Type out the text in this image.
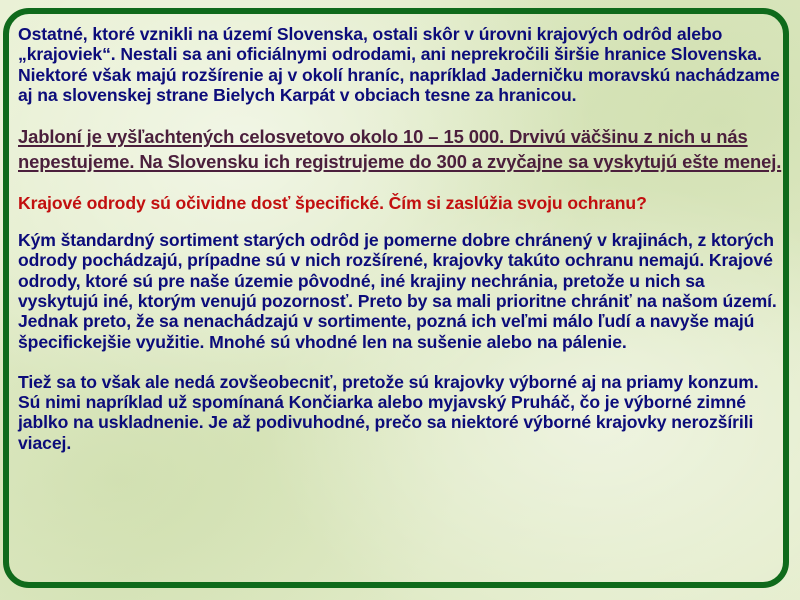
Ostatné, ktoré vznikli na území Slovenska, ostali skôr v úrovni krajových odrôd alebo „krajoviek“. Nestali sa ani oficiálnymi odrodami, ani neprekročili širšie hranice Slovenska. Niektoré však majú rozšírenie aj v okolí hraníc, napríklad Jaderničku moravskú nachádzame aj na slovenskej strane Bielych Karpát v obciach tesne za hranicou.

Jabloní je vyšľachtených celosvetovo okolo 10 – 15 000. Drvivú väčšinu z nich u nás nepestujeme. Na Slovensku ich registrujeme do 300 a zvyčajne sa vyskytujú ešte menej.

Krajové odrody sú očividne dosť špecifické. Čím si zaslúžia svoju ochranu?

Kým štandardný sortiment starých odrôd je pomerne dobre chránený v krajinách, z ktorých odrody pochádzajú, prípadne sú v nich rozšírené, krajovky takúto ochranu nemajú. Krajové odrody, ktoré sú pre naše územie pôvodné, iné krajiny nechránia, pretože u nich sa vyskytujú iné, ktorým venujú pozornosť. Preto by sa mali prioritne chrániť na našom území. Jednak preto, že sa nenachádzajú v sortimente, pozná ich veľmi málo ľudí a navyše majú špecifickejšie využitie. Mnohé sú vhodné len na sušenie alebo na pálenie.

Tiež sa to však ale nedá zovšeobecniť, pretože sú krajovky výborné aj na priamy konzum. Sú nimi napríklad už spomínaná Končiarka alebo myjavský Pruháč, čo je výborné zimné jablko na uskladnenie. Je až podivuhodné, prečo sa niektoré výborné krajovky nerozšírili viacej.
